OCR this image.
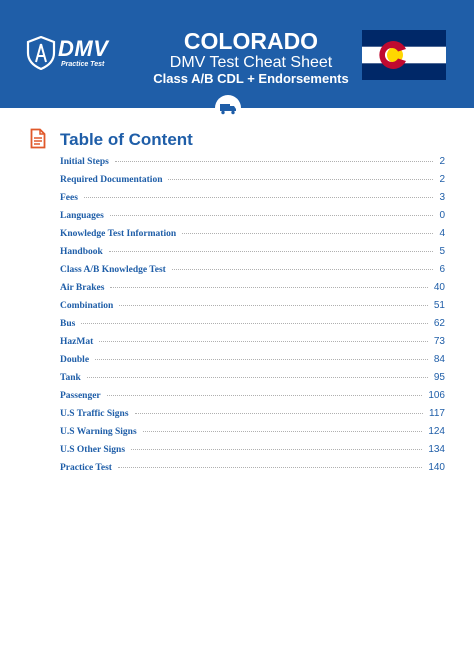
DMV
Practice Test
COLORADO
DMV Test Cheat Sheet
Class A/B CDL + Endorsements
Table of Content
Initial Steps	2
Required Documentation	2
Fees	3
Languages	0
Knowledge Test Information	4
Handbook	5
Class A/B Knowledge Test	6
Air Brakes	40
Combination	51
Bus	62
HazMat	73
Double	84
Tank	95
Passenger	106
U.S Traffic Signs	117
U.S Warning Signs	124
U.S Other Signs	134
Practice Test	140
